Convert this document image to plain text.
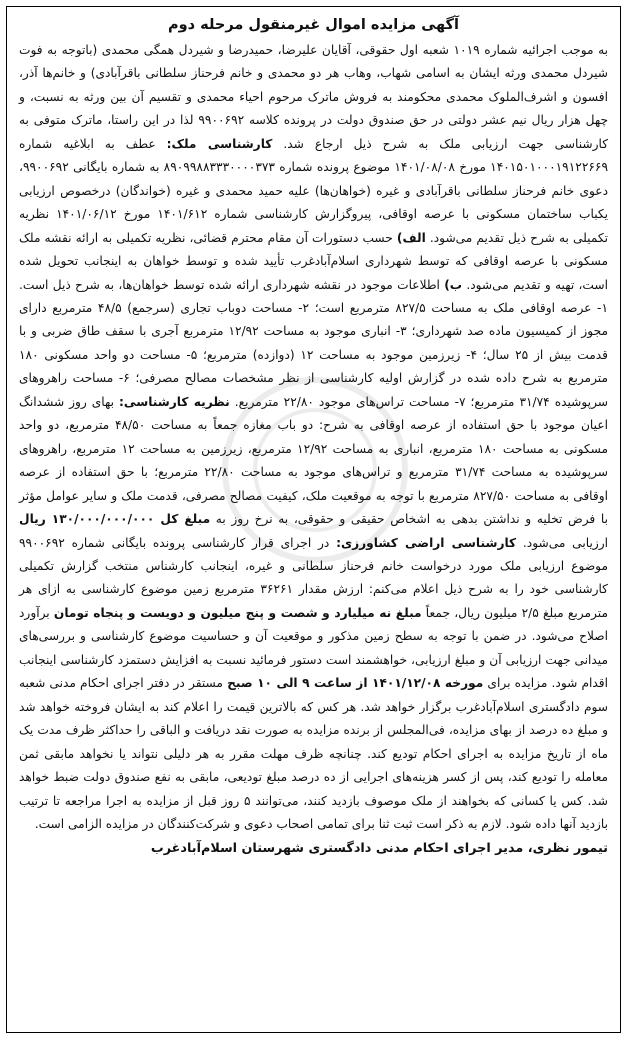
آگهی مزایده اموال غیرمنقول مرحله دوم

به موجب اجرائیه شماره ۱۰۱۹ شعبه اول حقوقی، آقایان علیرضا، حمیدرضا و شیردل همگی محمدی (باتوجه به فوت شیردل محمدی ورثه ایشان به اسامی شهاب، وهاب هر دو محمدی و خانم فرحناز سلطانی باقرآبادی) و خانم‌ها آذر، افسون و اشرف‌الملوک محمدی محکومند به فروش ماترک مرحوم احیاء محمدی و تقسیم آن بین ورثه به نسبت، و چهل هزار ریال نیم عشر دولتی در حق صندوق دولت در پرونده کلاسه ۹۹۰۰۶۹۲ لذا در این راستا، ماترک متوفی به کارشناسی جهت ارزیابی ملک به شرح ذیل ارجاع شد. کارشناسی ملک: عطف به ابلاغیه شماره ۱۴۰۱۵۰۱۰۰۰۱۹۱۲۲۶۶۹ مورخ ۱۴۰۱/۰۸/۰۸ موضوع پرونده شماره ۸۹۰۹۹۸۸۳۳۳۰۰۰۰۳۷۳ به شماره بایگانی ۹۹۰۰۶۹۲، دعوی خانم فرحناز سلطانی باقرآبادی و غیره (خواهان‌ها) علیه حمید محمدی و غیره (خواندگان) درخصوص ارزیابی یکباب ساختمان مسکونی با عرصه اوقافی، پیروگزارش کارشناسی شماره ۱۴۰۱/۶۱۲ مورخ ۱۴۰۱/۰۶/۱۲ نظریه تکمیلی به شرح ذیل تقدیم می‌شود. الف) حسب دستورات آن مقام محترم قضائی، نظریه تکمیلی به ارائه نقشه ملک مسکونی با عرصه اوقافی که توسط شهرداری اسلام‌آبادغرب تأیید شده و توسط خواهان به اینجانب تحویل شده است، تهیه و تقدیم می‌شود. ب) اطلاعات موجود در نقشه شهرداری ارائه شده توسط خواهان‌ها، به شرح ذیل است. ۱- عرصه اوقافی ملک به مساحت ۸۲۷/۵ مترمربع است؛ ۲- مساحت دوباب تجاری (سرجمع) ۴۸/۵ مترمربع دارای مجوز از کمیسیون ماده صد شهرداری؛ ۳- انباری موجود به مساحت ۱۲/۹۲ مترمربع آجری با سقف طاق ضربی و با قدمت بیش از ۲۵ سال؛ ۴- زیرزمین موجود به مساحت ۱۲ (دوازده) مترمربع؛ ۵- مساحت دو واحد مسکونی ۱۸۰ مترمربع به شرح داده شده در گزارش اولیه کارشناسی از نظر مشخصات مصالح مصرفی؛ ۶- مساحت راهروهای سرپوشیده ۳۱/۷۴ مترمربع؛ ۷- مساحت تراس‌های موجود ۲۲/۸۰ مترمربع. نظریه کارشناسی: بهای روز ششدانگ اعیان موجود با حق استفاده از عرصه اوقافی به شرح: دو باب مغازه جمعاً به مساحت ۴۸/۵۰ مترمربع، دو واحد مسکونی به مساحت ۱۸۰ مترمربع، انباری به مساحت ۱۲/۹۲ مترمربع، زیرزمین به مساحت ۱۲ مترمربع، راهروهای سرپوشیده به مساحت ۳۱/۷۴ مترمربع و تراس‌های موجود به مساحت ۲۲/۸۰ مترمربع؛ با حق استفاده از عرصه اوقافی به مساحت ۸۲۷/۵۰ مترمربع با توجه به موقعیت ملک، کیفیت مصالح مصرفی، قدمت ملک و سایر عوامل مؤثر با فرض تخلیه و نداشتن بدهی به اشخاص حقیقی و حقوقی، به نرخ روز به مبلغ کل ۱۳۰/۰۰۰/۰۰۰/۰۰۰ ریال ارزیابی می‌شود. کارشناسی اراضی کشاورزی: در اجرای قرار کارشناسی پرونده بایگانی شماره ۹۹۰۰۶۹۲ موضوع ارزیابی ملک مورد درخواست خانم فرحناز سلطانی و غیره، اینجانب کارشناس منتخب گزارش تکمیلی کارشناسی خود را به شرح ذیل اعلام می‌کنم: ارزش مقدار ۳۶۲۶۱ مترمربع زمین موضوع کارشناسی به ازای هر مترمربع مبلغ ۲/۵ میلیون ریال، جمعاً مبلغ نه میلیارد و شصت و پنج میلیون و دویست و پنجاه تومان برآورد اصلاح می‌شود. در ضمن با توجه به سطح زمین مذکور و موقعیت آن و حساسیت موضوع کارشناسی و بررسی‌های میدانی جهت ارزیابی آن و مبلغ ارزیابی، خواهشمند است دستور فرمائید نسبت به افزایش دستمزد کارشناسی اینجانب اقدام شود. مزایده برای مورخه ۱۴۰۱/۱۲/۰۸ از ساعت ۹ الی ۱۰ صبح مستقر در دفتر اجرای احکام مدنی شعبه سوم دادگستری اسلام‌آبادغرب برگزار خواهد شد. هر کس که بالاترین قیمت را اعلام کند به ایشان فروخته خواهد شد و مبلغ ده درصد از بهای مزایده، فی‌المجلس از برنده مزایده به صورت نقد دریافت و الباقی را حداکثر ظرف مدت یک ماه از تاریخ مزایده به اجرای احکام تودیع کند. چنانچه ظرف مهلت مقرر به هر دلیلی نتواند یا نخواهد مابقی ثمن معامله را تودیع کند، پس از کسر هزینه‌های اجرایی از ده درصد مبلغ تودیعی، مابقی به نفع صندوق دولت ضبط خواهد شد. کس یا کسانی که بخواهند از ملک موصوف بازدید کنند، می‌توانند ۵ روز قبل از مزایده به اجرا مراجعه تا ترتیب بازدید آنها داده شود. لازم به ذکر است ثبت ثنا برای تمامی اصحاب دعوی و شرکت‌کنندگان در مزایده الزامی است.

تیمور نظری، مدیر اجرای احکام مدنی دادگستری شهرستان اسلام‌آبادغرب
